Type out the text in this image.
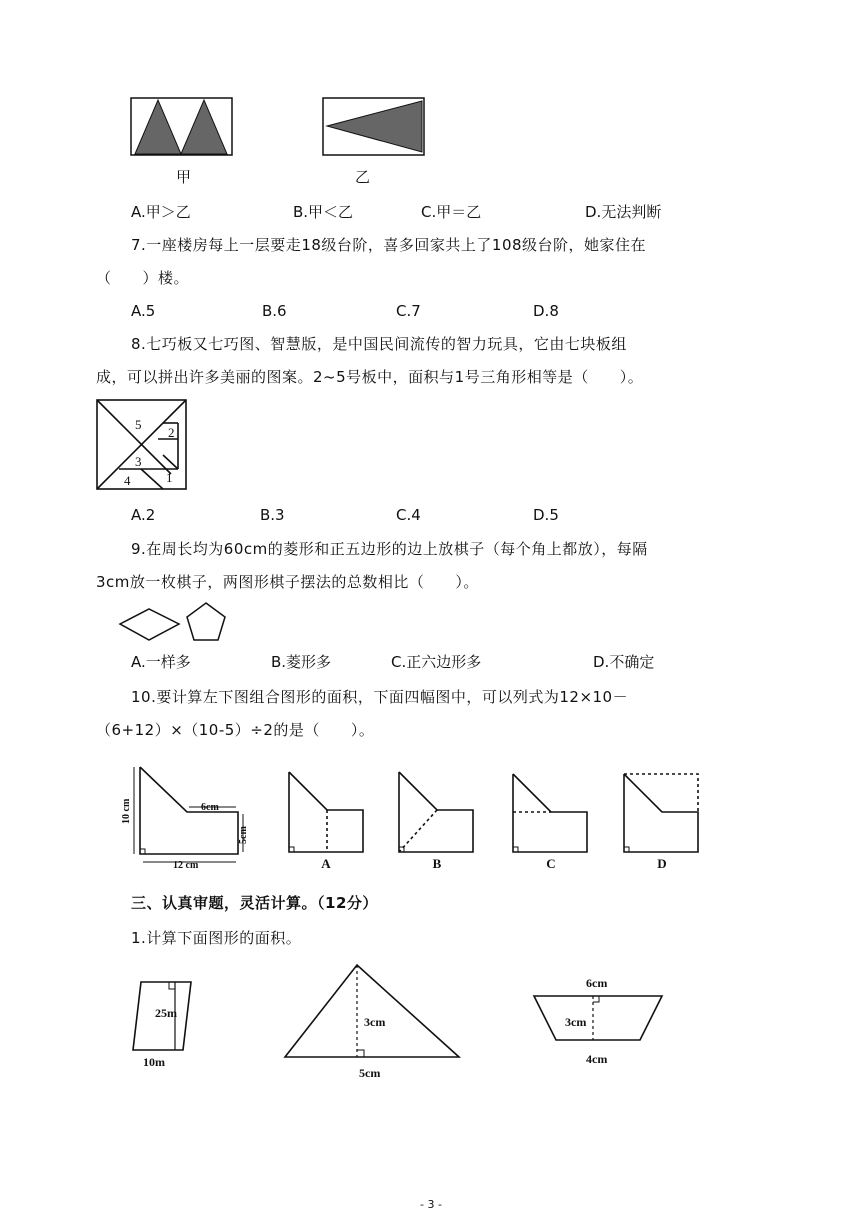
甲	乙
A.甲＞乙	B.甲＜乙	C.甲＝乙	D.无法判断
7.一座楼房每上一层要走18级台阶，喜多回家共上了108级台阶，她家住在
（　　）楼。
A.5	B.6	C.7	D.8
8.七巧板又七巧图、智慧版，是中国民间流传的智力玩具，它由七块板组
成，可以拼出许多美丽的图案。2~5号板中，面积与1号三角形相等是（　　）。
5
2
3
1
4
A.2	B.3	C.4	D.5
9.在周长均为60cm的菱形和正五边形的边上放棋子（每个角上都放），每隔
3cm放一枚棋子，两图形棋子摆法的总数相比（　　）。
A.一样多	B.菱形多	C.正六边形多	D.不确定
10.要计算左下图组合图形的面积，下面四幅图中，可以列式为12×10－
（6+12）×（10-5）÷2的是（　　）。
10 cm	6cm
5cm
12 cm	A	B	C	D
三、认真审题，灵活计算。（12分）
1.计算下面图形的面积。
25m
10m
3cm
5cm
6cm
3cm
4cm
- 3 -
